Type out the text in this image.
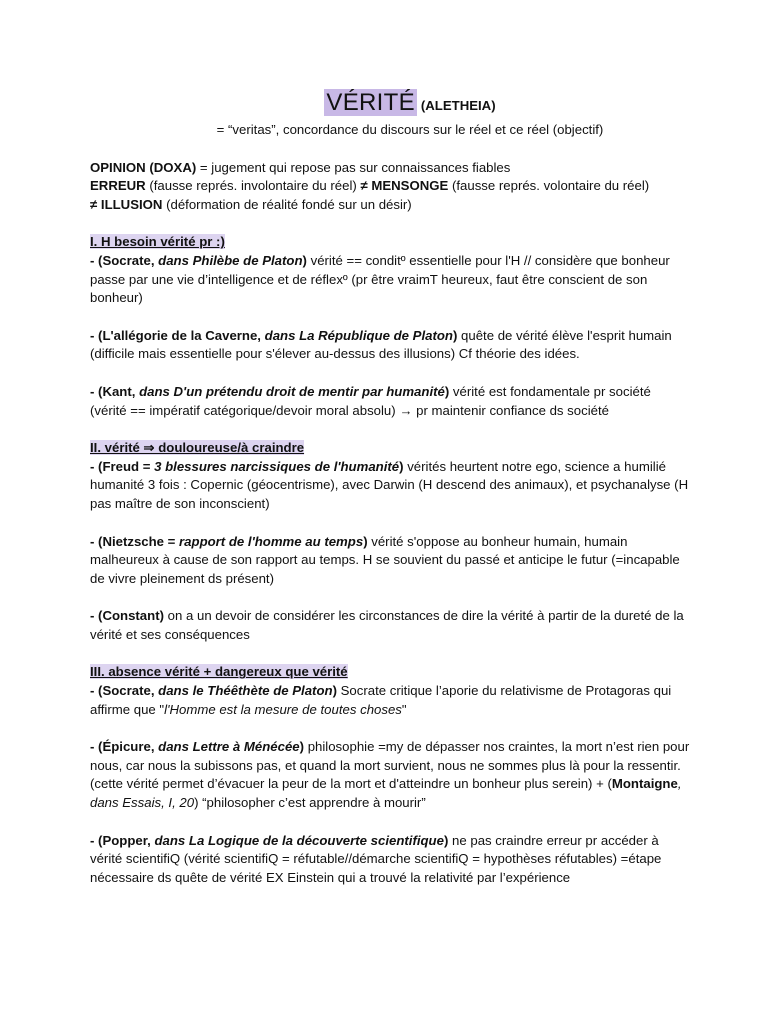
VÉRITÉ (ALETHEIA)

= “veritas”, concordance du discours sur le réel et ce réel (objectif)

OPINION (DOXA) = jugement qui repose pas sur connaissances fiables

ERREUR (fausse représ. involontaire du réel) ≠ MENSONGE (fausse représ. volontaire du réel)

≠ ILLUSION (déformation de réalité fondé sur un désir)

I. H besoin vérité pr :)

- (Socrate, dans Philèbe de Platon) vérité == conditº essentielle pour l'H // considère que bonheur passe par une vie d’intelligence et de réflexº (pr être vraimT heureux, faut être conscient de son bonheur)

- (L'allégorie de la Caverne, dans La République de Platon) quête de vérité élève l'esprit humain

(difficile mais essentielle pour s'élever au-dessus des illusions) Cf théorie des idées.

- (Kant, dans D'un prétendu droit de mentir par humanité) vérité est fondamentale pr société (vérité == impératif catégorique/devoir moral absolu) → pr maintenir confiance ds société

II. vérité ⇒ douloureuse/à craindre

- (Freud = 3 blessures narcissiques de l'humanité) vérités heurtent notre ego, science a humilié humanité 3 fois : Copernic (géocentrisme), avec Darwin (H descend des animaux), et psychanalyse (H pas maître de son inconscient)

- (Nietzsche = rapport de l'homme au temps) vérité s'oppose au bonheur humain, humain malheureux à cause de son rapport au temps. H se souvient du passé et anticipe le futur (=incapable de vivre pleinement ds présent)

- (Constant) on a un devoir de considérer les circonstances de dire la vérité à partir de la dureté de la vérité et ses conséquences

III. absence vérité + dangereux que vérité

- (Socrate, dans le Théêthète de Platon) Socrate critique l’aporie du relativisme de Protagoras qui affirme que "l'Homme est la mesure de toutes choses"

- (Épicure, dans Lettre à Ménécée) philosophie =my de dépasser nos craintes, la mort n’est rien pour nous, car nous la subissons pas, et quand la mort survient, nous ne sommes plus là pour la ressentir. (cette vérité permet d’évacuer la peur de la mort et d'atteindre un bonheur plus serein) + (Montaigne, dans Essais, I, 20) “philosopher c’est apprendre à mourir”

- (Popper, dans La Logique de la découverte scientifique) ne pas craindre erreur pr accéder à vérité scientifiQ (vérité scientifiQ = réfutable//démarche scientifiQ = hypothèses réfutables) =étape nécessaire ds quête de vérité EX Einstein qui a trouvé la relativité par l’expérience
